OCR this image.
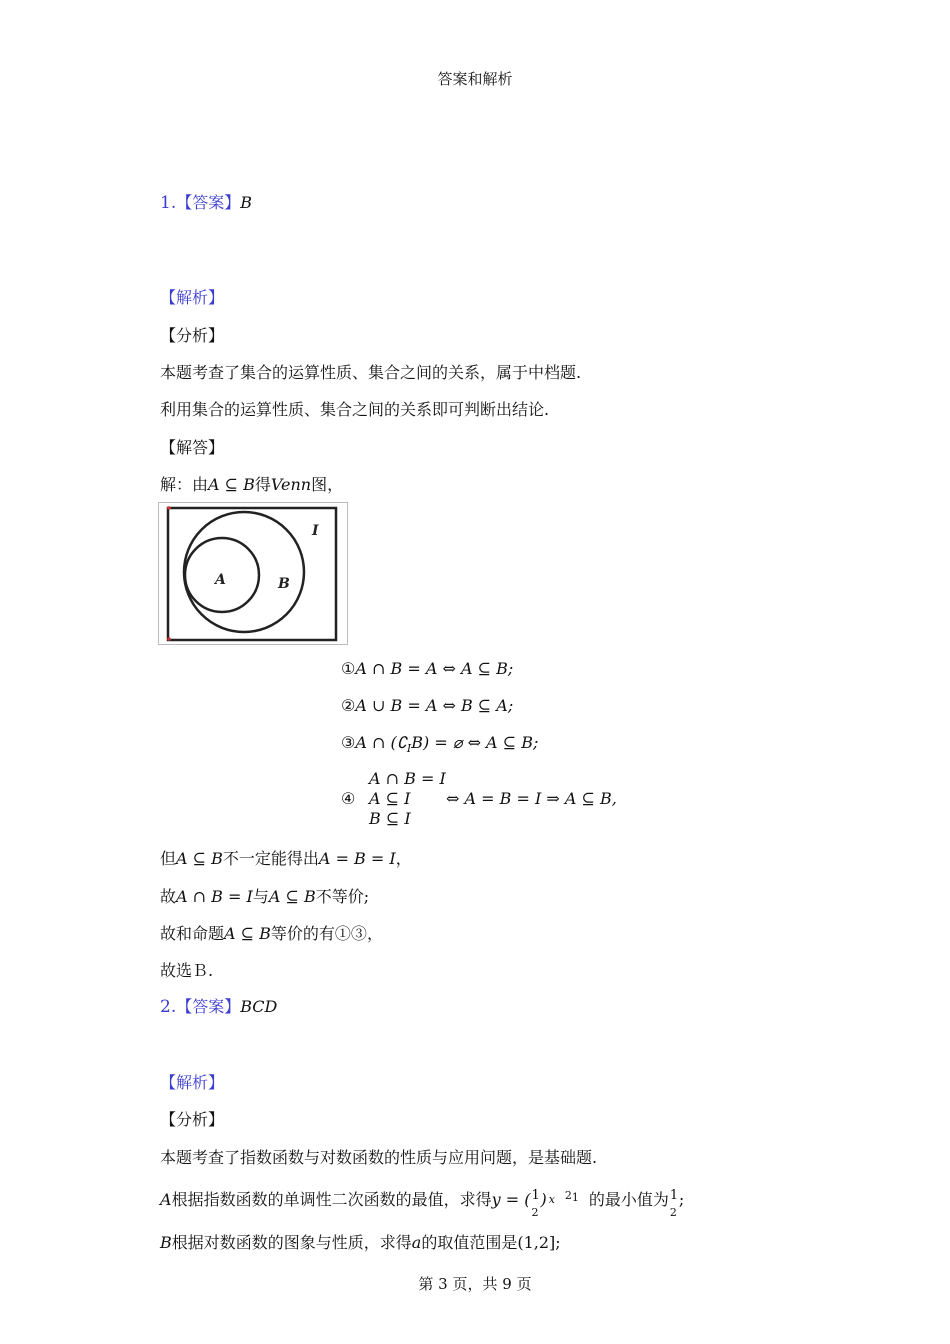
答案和解析
1.【答案】B
【解析】
【分析】
本题考查了集合的运算性质、集合之间的关系，属于中档题.
利用集合的运算性质、集合之间的关系即可判断出结论.
【解答】
解：由A ⊆ B得Venn图，
A	B
I
①A ∩ B = A ⇔ A ⊆ B;
②A ∪ B = A ⇔ B ⊆ A;
③A ∩ $(∁_IB)$ = ⌀ ⇔ A ⊆ B;
④
A ∩ B = I
A ⊆ I
B ⊆ I
⇔ A = B = I ⇒ A ⊆ B,
但A ⊆ B不一定能得出A = B = I，
故A ∩ B = I与A ⊆ B不等价;
故和命题A ⊆ B等价的有①③，
故选Ｂ.
2.【答案】BCD
【解析】
【分析】
本题考查了指数函数与对数函数的性质与应用问题，是基础题.
A根据指数函数的单调性二次函数的最值，求得y = ( 1
2
) x $^{21}$ 的最小值为 1
2
;
B根据对数函数的图象与性质，求得a的取值范围是(1,2];
第 3 页，共 9 页
